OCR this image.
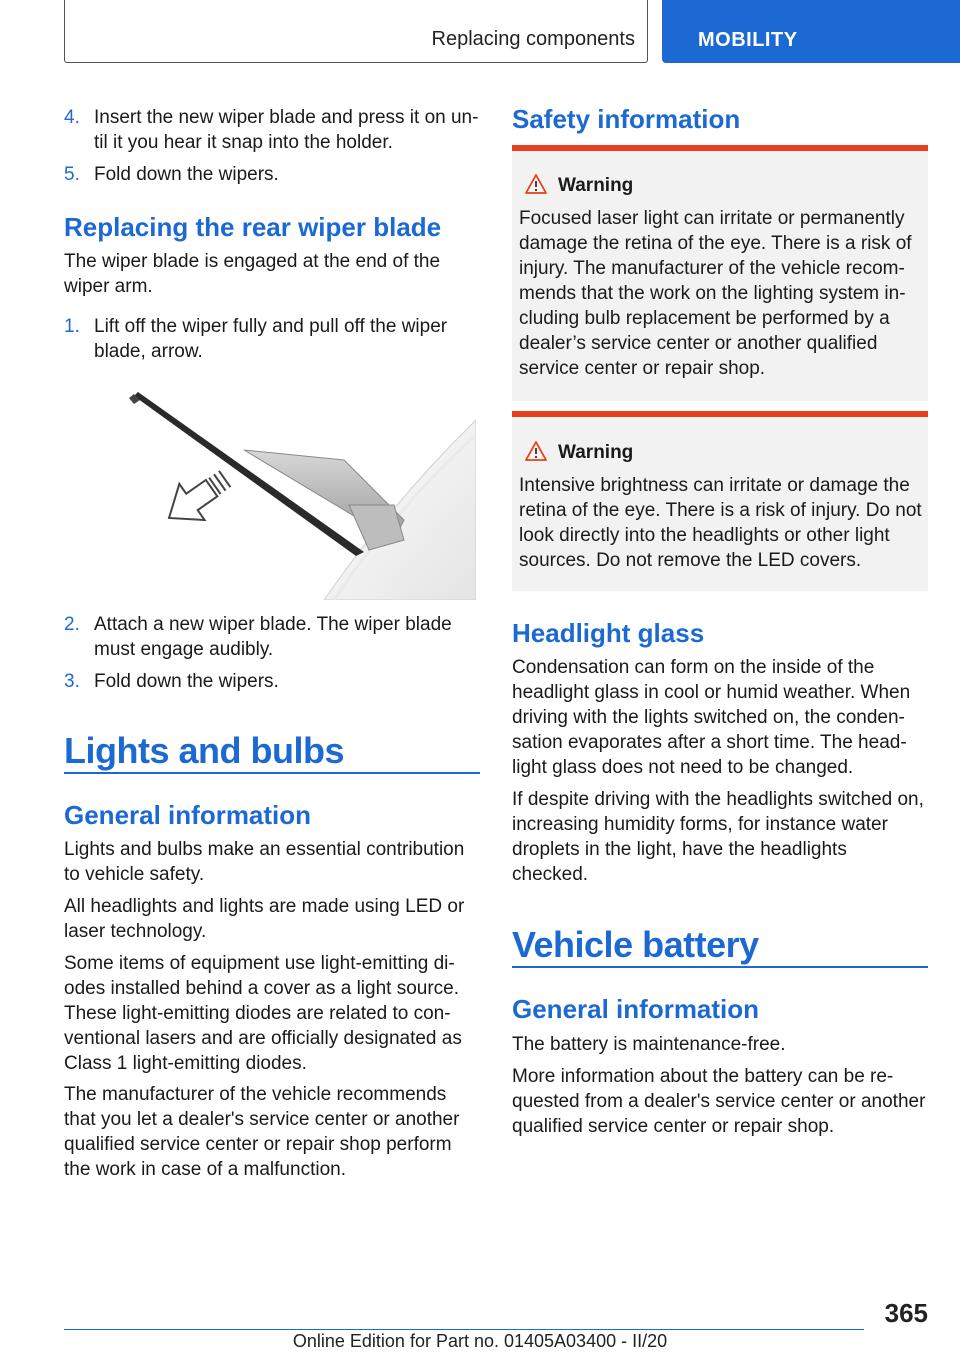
Replacing components	MOBILITY
4. Insert the new wiper blade and press it on un-til it you hear it snap into the holder.

5. Fold down the wipers.

Replacing the rear wiper blade

The wiper blade is engaged at the end of the wiper arm.

1. Lift off the wiper fully and pull off the wiper blade, arrow.

2. Attach a new wiper blade. The wiper blade must engage audibly.

3. Fold down the wipers.

Lights and bulbs
General information

Lights and bulbs make an essential contribution to vehicle safety.

All headlights and lights are made using LED or laser technology.

Some items of equipment use light-emitting di-odes installed behind a cover as a light source. These light-emitting diodes are related to con-ventional lasers and are officially designated as Class 1 light-emitting diodes.

The manufacturer of the vehicle recommends that you let a dealer's service center or another qualified service center or repair shop perform the work in case of a malfunction.

Safety information
Warning

Focused laser light can irritate or permanently damage the retina of the eye. There is a risk of injury. The manufacturer of the vehicle recom-mends that the work on the lighting system in-cluding bulb replacement be performed by a dealer’s service center or another qualified service center or repair shop.

Warning

Intensive brightness can irritate or damage the retina of the eye. There is a risk of injury. Do not look directly into the headlights or other light sources. Do not remove the LED covers.

Headlight glass

Condensation can form on the inside of the headlight glass in cool or humid weather. When driving with the lights switched on, the conden-sation evaporates after a short time. The head-light glass does not need to be changed.

If despite driving with the headlights switched on, increasing humidity forms, for instance water droplets in the light, have the headlights checked.

Vehicle battery
General information

The battery is maintenance-free.

More information about the battery can be re-quested from a dealer's service center or another qualified service center or repair shop.

365
Online Edition for Part no. 01405A03400 - II/20
